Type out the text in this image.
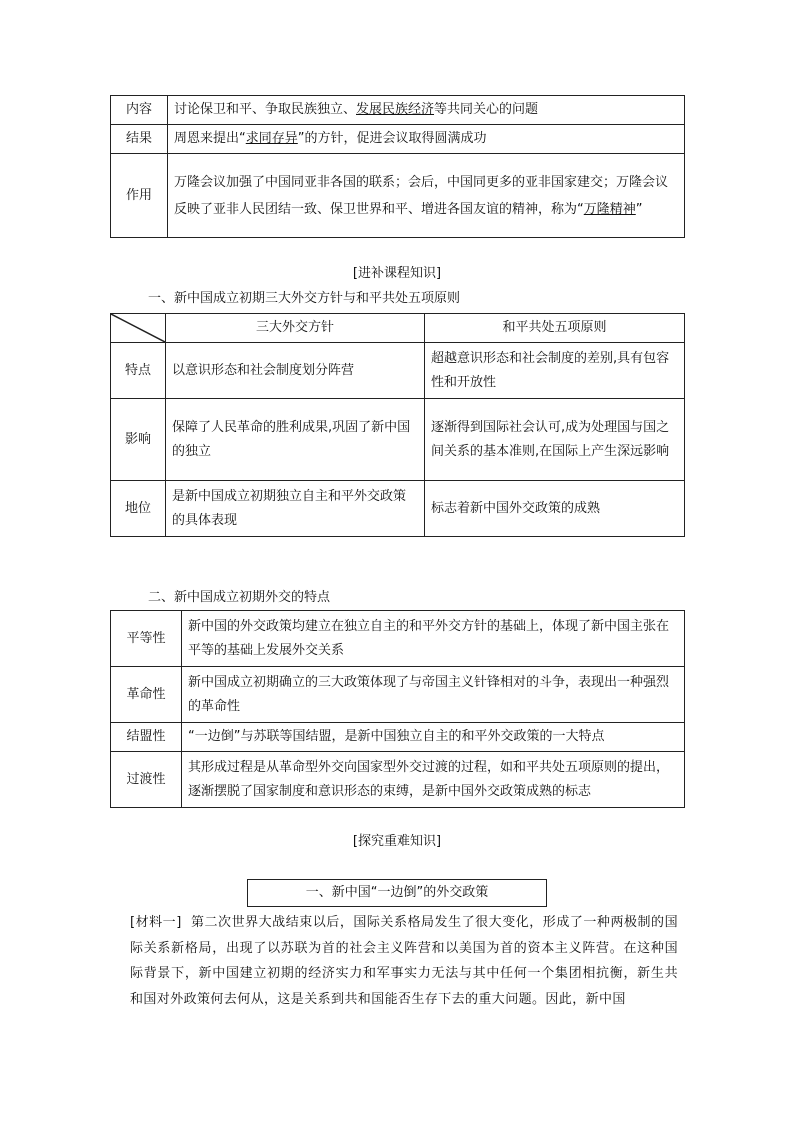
内容	讨论保卫和平、争取民族独立、发展民族经济等共同关心的问题
结果	周恩来提出“求同存异”的方针，促进会议取得圆满成功
作用	万隆会议加强了中国同亚非各国的联系；会后，中国同更多的亚非国家建交；万隆会议反映了亚非人民团结一致、保卫世界和平、增进各国友谊的精神，称为“万隆精神”
[进补课程知识]
一、新中国成立初期三大外交方针与和平共处五项原则
	三大外交方针	和平共处五项原则
特点	以意识形态和社会制度划分阵营	超越意识形态和社会制度的差别,具有包容性和开放性
影响	保障了人民革命的胜利成果,巩固了新中国的独立	逐渐得到国际社会认可,成为处理国与国之间关系的基本准则,在国际上产生深远影响
地位	是新中国成立初期独立自主和平外交政策的具体表现	标志着新中国外交政策的成熟
二、新中国成立初期外交的特点
平等性	新中国的外交政策均建立在独立自主的和平外交方针的基础上，体现了新中国主张在平等的基础上发展外交关系
革命性	新中国成立初期确立的三大政策体现了与帝国主义针锋相对的斗争，表现出一种强烈的革命性
结盟性	“一边倒”与苏联等国结盟，是新中国独立自主的和平外交政策的一大特点
过渡性	其形成过程是从革命型外交向国家型外交过渡的过程，如和平共处五项原则的提出，逐渐摆脱了国家制度和意识形态的束缚，是新中国外交政策成熟的标志
[探究重难知识]
一、新中国“一边倒”的外交政策
[材料一] 第二次世界大战结束以后，国际关系格局发生了很大变化，形成了一种两极制的国际关系新格局，出现了以苏联为首的社会主义阵营和以美国为首的资本主义阵营。在这种国际背景下，新中国建立初期的经济实力和军事实力无法与其中任何一个集团相抗衡，新生共和国对外政策何去何从，这是关系到共和国能否生存下去的重大问题。因此，新中国
